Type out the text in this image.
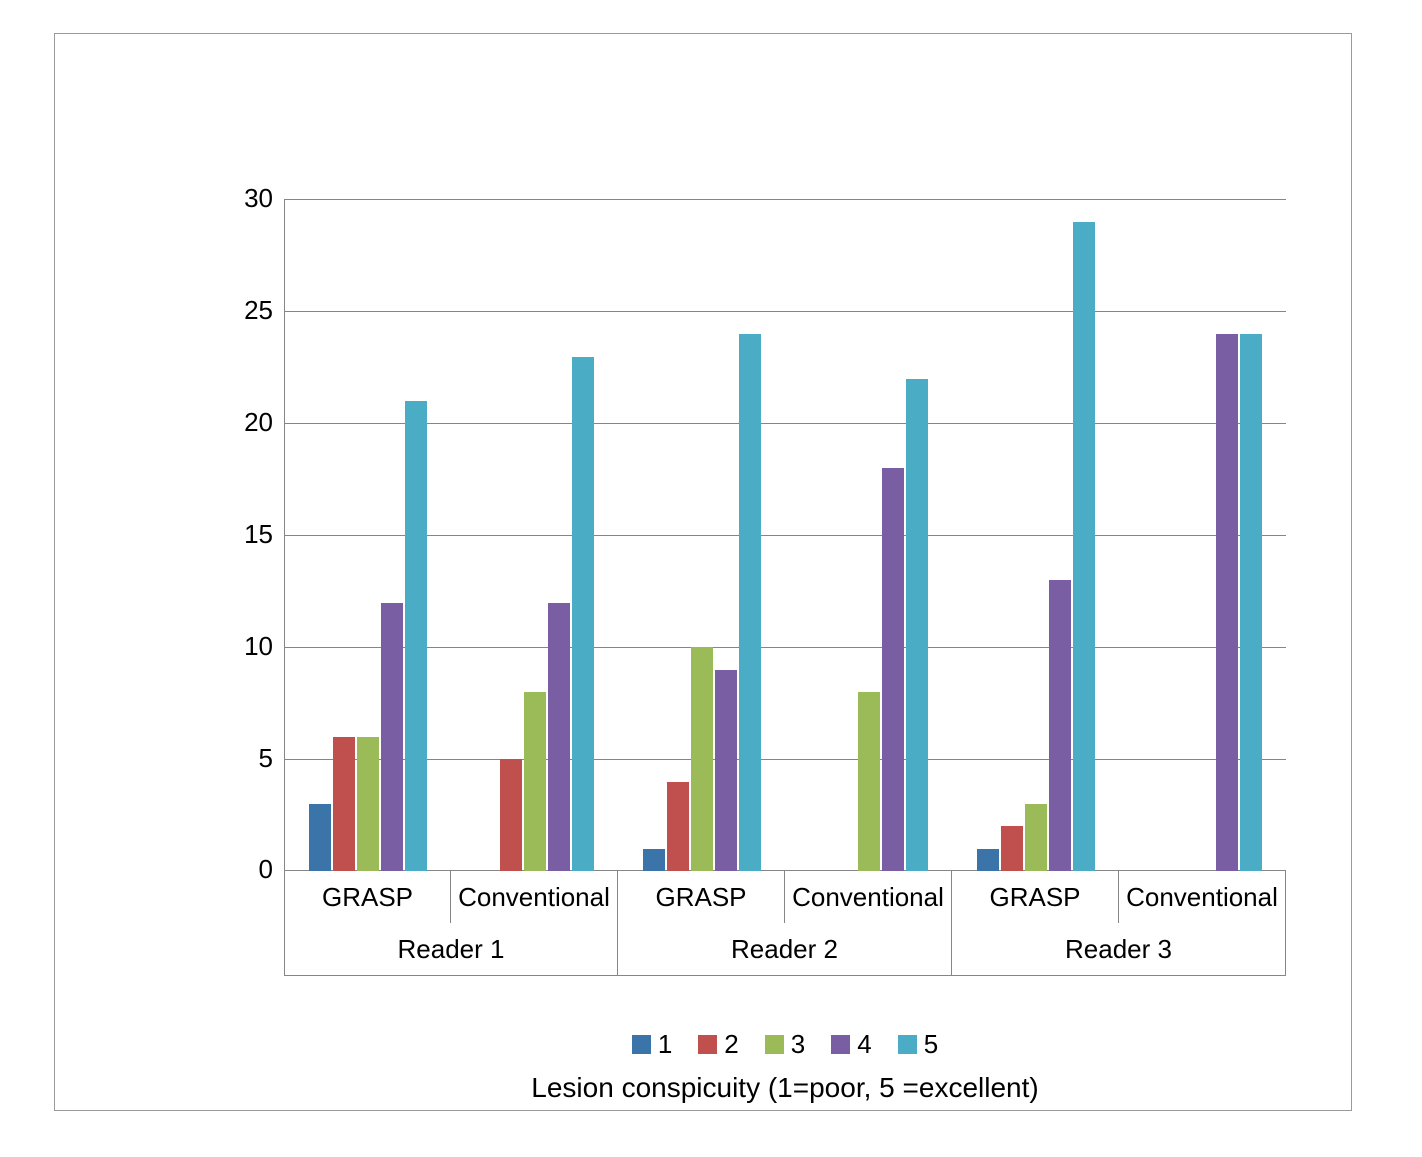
30
25
20
15
10
5
0
GRASP	Conventional	GRASP	Conventional	GRASP	Conventional
Reader 1	Reader 2	Reader 3
1 2 3 4 5
Lesion conspicuity (1=poor, 5 =excellent)
